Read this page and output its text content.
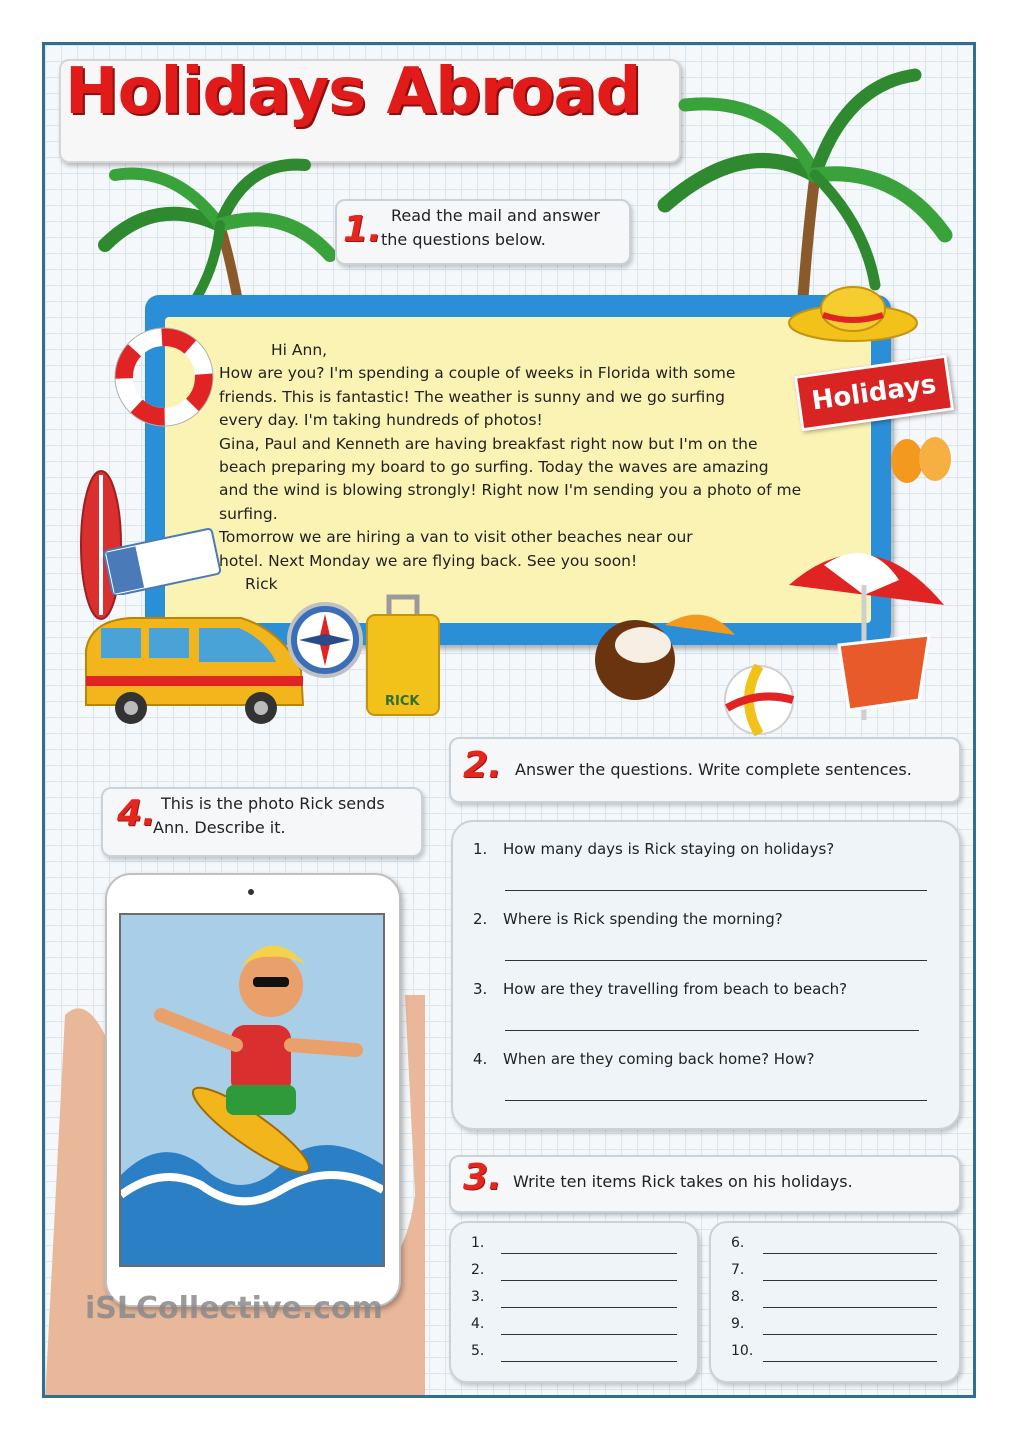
Holidays Abroad
1. Read the mail and answer
the questions below.

Hi Ann,

How are you? I'm spending a couple of weeks in Florida with some

friends. This is fantastic! The weather is sunny and we go surfing

every day. I'm taking hundreds of photos!

Gina, Paul and Kenneth are having breakfast right now but I'm on the

beach preparing my board to go surfing. Today the waves are amazing

and the wind is blowing strongly! Right now I'm sending you a photo of me

surfing.

Tomorrow we are hiring a van to visit other beaches near our

hotel. Next Monday we are flying back. See you soon!

Rick

Holidays
RICK
2. Answer the questions. Write complete sentences.
1. How many days is Rick staying on holidays?
2. Where is Rick spending the morning?
3. How are they travelling from beach to beach?
4. When are they coming back home? How?
3. Write ten items Rick takes on his holidays.
1.
2.
3.
4.
5.
6.
7.
8.
9.
10.
4. This is the photo Rick sends
Ann. Describe it.
iSLCollective.com
